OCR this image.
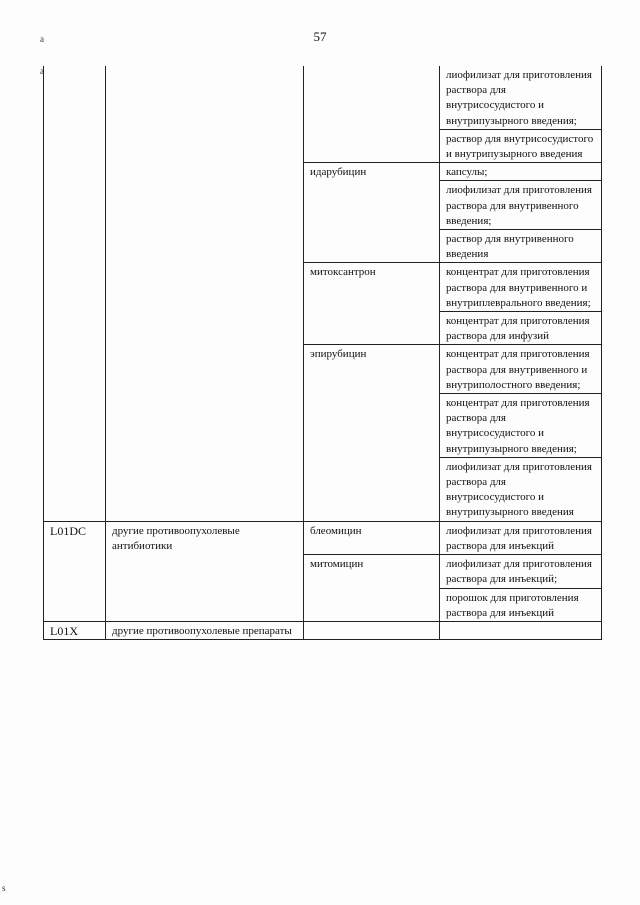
57
a
a
s
			лиофилизат для приготовления раствора для внутрисосудистого и внутрипузырного введения;
			раствор для внутрисосудистого и внутрипузырного введения
		идарубицин	капсулы;
			лиофилизат для приготовления раствора для внутривенного введения;
			раствор для внутривенного введения
		митоксантрон	концентрат для приготовления раствора для внутривенного и внутриплеврального введения;
			концентрат для приготовления раствора для инфузий
		эпирубицин	концентрат для приготовления раствора для внутривенного и внутриполостного введения;
			концентрат для приготовления раствора для внутрисосудистого и внутрипузырного введения;
			лиофилизат для приготовления раствора для внутрисосудистого и внутрипузырного введения
L01DC	другие противоопухолевые антибиотики	блеомицин	лиофилизат для приготовления раствора для инъекций
		митомицин	лиофилизат для приготовления раствора для инъекций;
			порошок для приготовления раствора для инъекций
L01X	другие противоопухолевые препараты		
